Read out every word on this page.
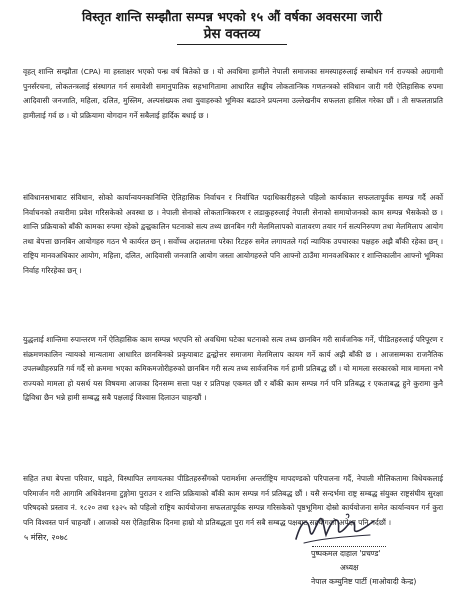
विस्तृत शान्ति सम्झौता सम्पन्न भएको १५ औं वर्षका अवसरमा जारी
प्रेस वक्तव्य

वृहत् शान्ति सम्झौता (CPA) मा हस्ताक्षर भएको पन्ध्र वर्ष बितेको छ । यो अवधिमा हामीले नेपाली समाजका समस्याहरुलाई सम्बोधन गर्न राज्यको अग्रगामी पुनर्संरचना, लोकतन्त्रलाई संस्थागत गर्न समावेशी समानुपातिक सहभागितामा आधारित सङ्घीय लोकतान्त्रिक गणतन्त्रको संविधान जारी गरी ऐतिहासिक रुपमा आदिवासी जनजाति, महिला, दलित, मुस्लिम, अल्पसंख्यक तथा युवाहरुको भूमिका बढाउने प्रयत्नमा उल्लेखनीय सफलता हासिल गरेका छौं । ती सफलताप्रति हामीलाई गर्व छ । यो प्रक्रियामा योगदान गर्ने सबैलाई हार्दिक बधाई छ ।

संविधानसभाबाट संविधान, सोको कार्यान्वयनकानिम्ति ऐतिहासिक निर्वाचन र निर्वाचित पदाधिकारीहरुले पहिलो कार्यकाल सफलतापूर्वक सम्पन्न गर्दै अर्को निर्वाचनको तयारीमा प्रवेश गरिसकेको अवस्था छ । नेपाली सेनाको लोकतान्त्रिकरण र लडाकुहरुलाई नेपाली सेनाको समायोजनको काम सम्पन्न भैसकेको छ । शान्ति प्रक्रियाको बाँकी कामका रुपमा रहेको द्वन्द्वकालिन घटनाको सत्य तथ्य छानबिन गरी मेलमिलापको वातावरण तयार गर्न सत्यनिरुपण तथा मेलमिलाप आयोग तथा बेपत्ता छानबिन आयोगहरु गठन भै कार्यरत छन् । सर्वोच्च अदालतमा परेका रिटहरु समेत लगायतले गर्दा न्यायिक उपचारका पक्षहरु अझै बाँकी रहेका छन् । राष्ट्रिय मानवअधिकार आयोग, महिला, दलित, आदिवासी जनजाति आयोग जस्ता आयोगहरुले पनि आफ्नो ठाउँमा मानवअधिकार र शान्तिकालीन आफ्नो भूमिका निर्वाह गरिरहेका छन् ।

युद्धलाई शान्तिमा रुपान्तरण गर्ने ऐतिहासिक काम सम्पन्न भएपनि सो अवधिमा घटेका घटनाको सत्य तथ्य छानबिन गरी सार्वजनिक गर्ने, पीडितहरुलाई परिपूरण र संक्रमणकालिन न्यायको मान्यतामा आधारित छानबिनको प्रकृयाबाट द्वन्द्वोत्तर समाजमा मेलमिलाप कायम गर्ने कार्य अझै बाँकी छ । आजसम्मका राजनैतिक उपलब्धीहरुप्रति गर्व गर्दै सो क्रममा भएका कमिकमजोरीहरुको छानबिन गरी सत्य तथ्य सार्वजनिक गर्न हामी प्रतिबद्ध छौं । यो मामला सरकारको मात्र मामला नभै राज्यको मामला हो यसर्थ यस विषयमा आजका दिनसम्म सत्ता पक्ष र प्रतिपक्ष एकमत छौं र बाँकी काम सम्पन्न गर्न पनि प्रतिबद्ध र एकताबद्ध हुने कुरामा कुनै द्विविधा छैन भन्ने हामी सम्बद्ध सबै पक्षलाई विश्वास दिलाउन चाहन्छौं ।

सहित तथा बेपत्ता परिवार, घाइते, विस्थापित लगायतका पीडितहरुसँगको परामर्शमा अन्तर्राष्ट्रिय मापदण्डको परिपालना गर्दै, नेपाली मौलिकतामा विधेयकलाई परिमार्जन गरी आगामि अधिवेशनमा टुङ्गोमा पुराउन र शान्ति प्रक्रियाको बाँकी काम सम्पन्न गर्न प्रतिबद्ध छौं । यसै सन्दर्भमा राष्ट्र सम्बद्ध संयुक्त राष्ट्रसंघीय सुरक्षा परिषदको प्रस्ताव नं. १८२० तथा १३२५ को पहिलो राष्ट्रिय कार्ययोजना सफलतापूर्वक सम्पन्न गरिसकेको पृष्ठभूमिमा दोस्रो कार्ययोजना समेत कार्यान्वयन गर्न कुरा पनि विश्वस्त पार्न चाहन्छौं । आजको यस ऐतिहासिक दिनमा हाम्रो यो प्रतिबद्धता पुरा गर्न सबै सम्बद्ध पक्षबाट सहयोगको अपेक्षा पनि गर्दछौं ।

५ मंसिर, २०७८
पुष्पकमल दाहाल 'प्रचण्ड'
अध्यक्ष
नेपाल कम्युनिष्ट पार्टी (माओवादी केन्द्र)
